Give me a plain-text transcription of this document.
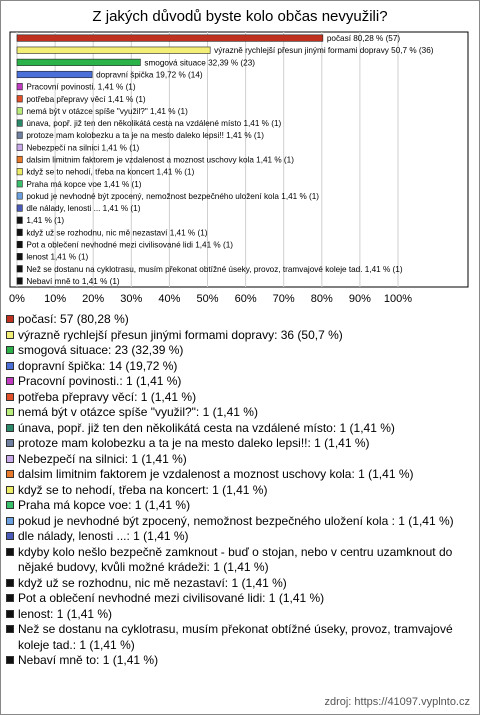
Z jakých důvodů byste kolo občas nevyužili?
počasí 80,28 % (57)
výrazně rychlejší přesun jinými formami dopravy 50,7 % (36)
smogová situace 32,39 % (23)
dopravní špička 19,72 % (14)
Pracovní povinosti. 1,41 % (1)
potřeba přepravy věcí 1,41 % (1)
nemá být v otázce spíše "využil?" 1,41 % (1)
únava, popř. již ten den několikátá cesta na vzdálené místo 1,41 % (1)
protoze mam kolobezku a ta je na mesto daleko lepsi!! 1,41 % (1)
Nebezpečí na silnici 1,41 % (1)
dalsim limitnim faktorem je vzdalenost a moznost uschovy kola 1,41 % (1)
když se to nehodí, třeba na koncert 1,41 % (1)
Praha má kopce voe 1,41 % (1)
pokud je nevhodné být zpocený, nemožnost bezpečného uložení kola 1,41 % (1)
dle nálady, lenosti ... 1,41 % (1)
1,41 % (1)
když už se rozhodnu, nic mě nezastaví 1,41 % (1)
Pot a oblečení nevhodné mezi civilisované lidi 1,41 % (1)
lenost 1,41 % (1)
Než se dostanu na cyklotrasu, musím překonat obtížné úseky, provoz, tramvajové koleje tad. 1,41 % (1)
Nebaví mně to 1,41 % (1)
0% 10% 20% 30% 40% 50% 60% 70% 80% 90% 100%
počasí: 57 (80,28 %)
výrazně rychlejší přesun jinými formami dopravy: 36 (50,7 %)
smogová situace: 23 (32,39 %)
dopravní špička: 14 (19,72 %)
Pracovní povinosti.: 1 (1,41 %)
potřeba přepravy věcí: 1 (1,41 %)
nemá být v otázce spíše "využil?": 1 (1,41 %)
únava, popř. již ten den několikátá cesta na vzdálené místo: 1 (1,41 %)
protoze mam kolobezku a ta je na mesto daleko lepsi!!: 1 (1,41 %)
Nebezpečí na silnici: 1 (1,41 %)
dalsim limitnim faktorem je vzdalenost a moznost uschovy kola: 1 (1,41 %)
když se to nehodí, třeba na koncert: 1 (1,41 %)
Praha má kopce voe: 1 (1,41 %)
pokud je nevhodné být zpocený, nemožnost bezpečného uložení kola : 1 (1,41 %)
dle nálady, lenosti ...: 1 (1,41 %)
kdyby kolo nešlo bezpečně zamknout - buď o stojan, nebo v centru uzamknout do nějaké budovy, kvůli možné krádeži: 1 (1,41 %)
když už se rozhodnu, nic mě nezastaví: 1 (1,41 %)
Pot a oblečení nevhodné mezi civilisované lidi: 1 (1,41 %)
lenost: 1 (1,41 %)
Než se dostanu na cyklotrasu, musím překonat obtížné úseky, provoz, tramvajové koleje tad.: 1 (1,41 %)
Nebaví mně to: 1 (1,41 %)
zdroj: https://41097.vyplnto.cz
